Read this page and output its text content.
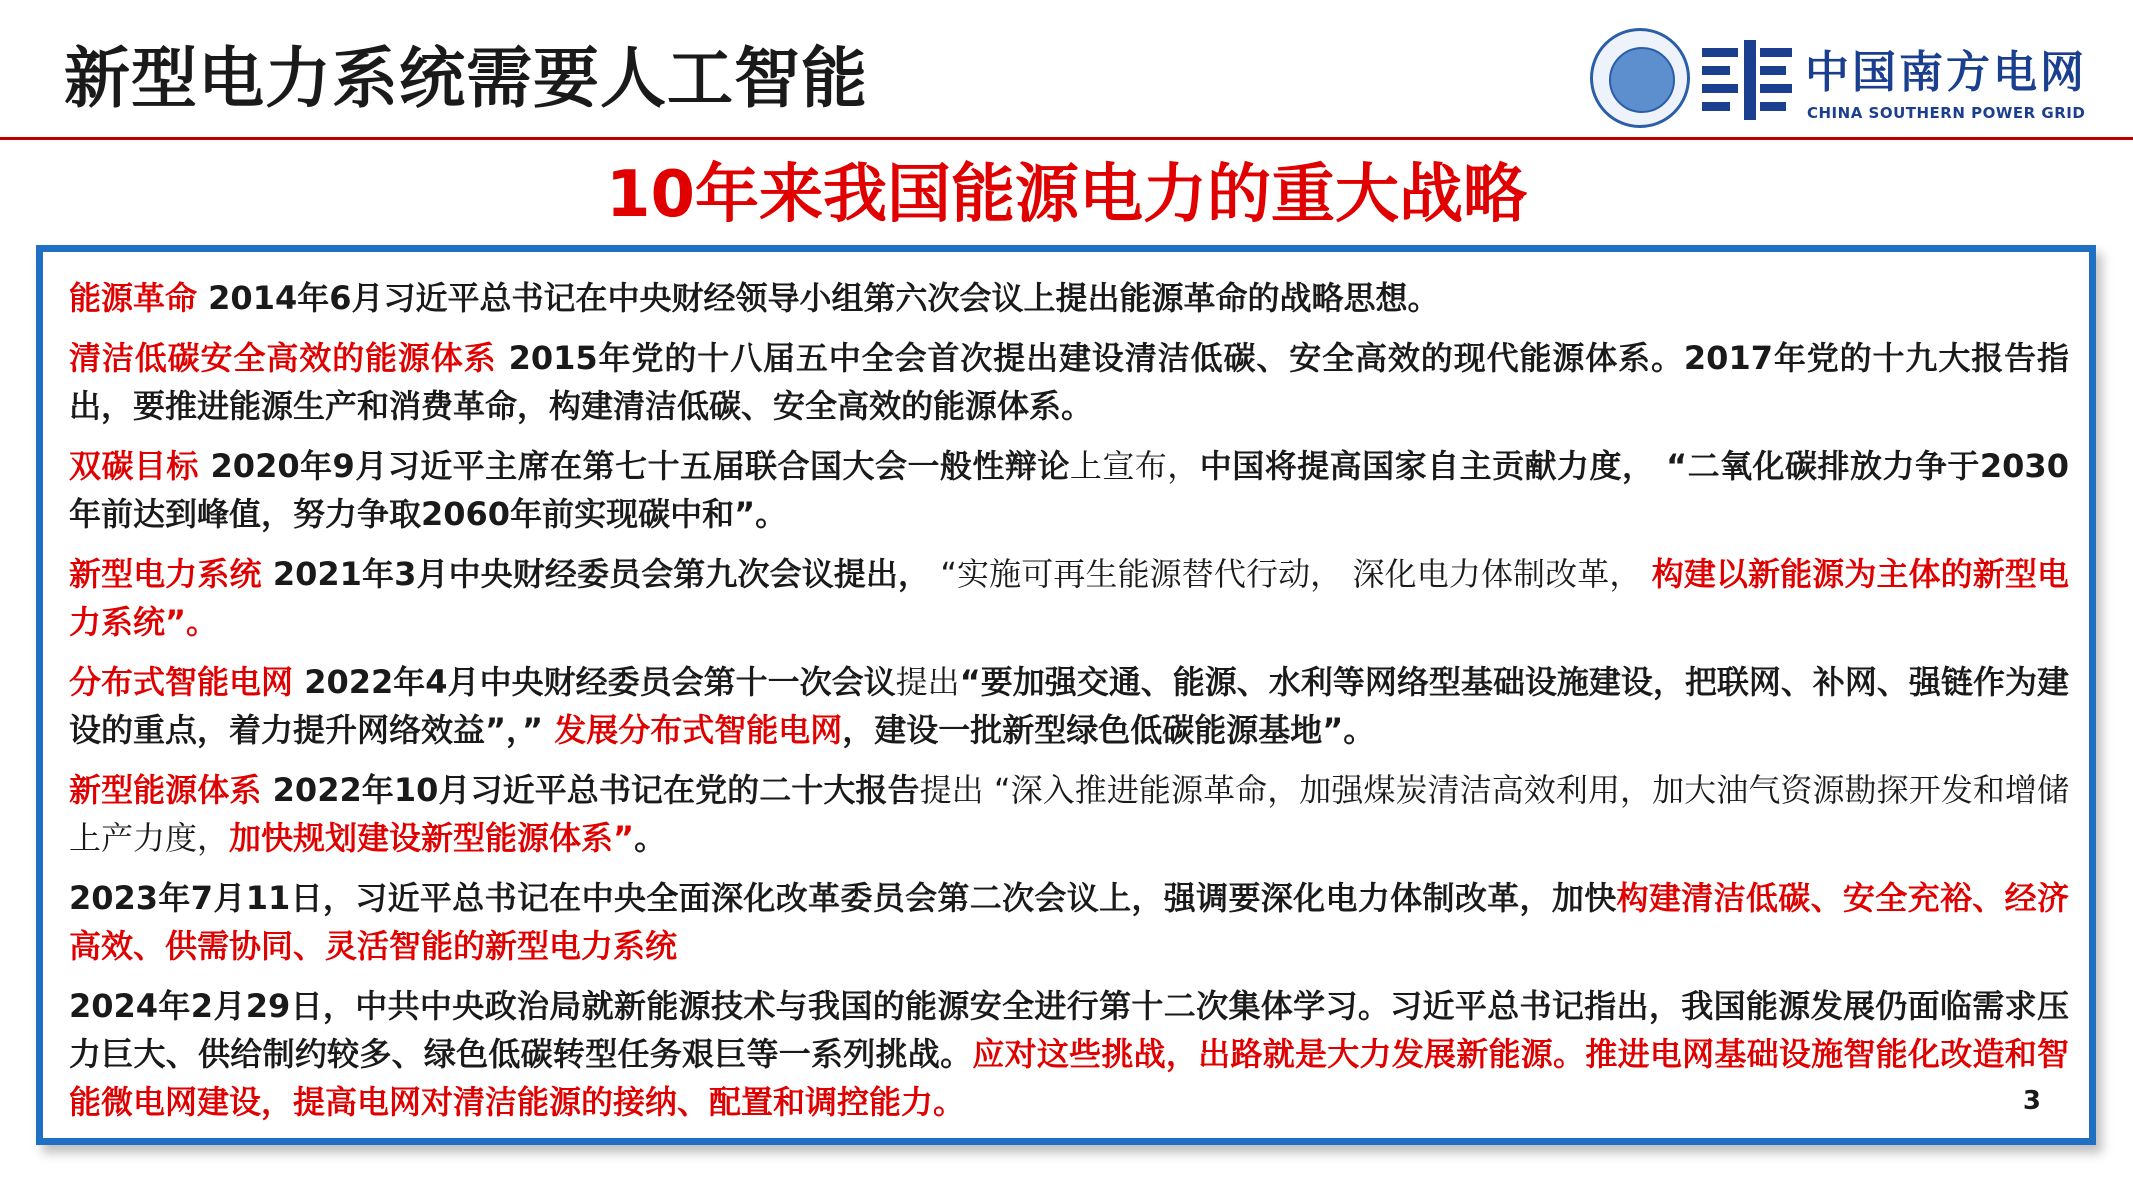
新型电力系统需要人工智能	中国南方电网
CHINA SOUTHERN POWER GRID
10年来我国能源电力的重大战略
能源革命 2014年6月习近平总书记在中央财经领导小组第六次会议上提出能源革命的战略思想。
清洁低碳安全高效的能源体系 2015年党的十八届五中全会首次提出建设清洁低碳、安全高效的现代能源体系。2017年党的十九大报告指出，要推进能源生产和消费革命，构建清洁低碳、安全高效的能源体系。
双碳目标 2020年9月习近平主席在第七十五届联合国大会一般性辩论上宣布，中国将提高国家自主贡献力度， “二氧化碳排放力争于2030年前达到峰值，努力争取2060年前实现碳中和”。
新型电力系统 2021年3月中央财经委员会第九次会议提出， “实施可再生能源替代行动， 深化电力体制改革， 构建以新能源为主体的新型电力系统”。
分布式智能电网 2022年4月中央财经委员会第十一次会议提出“要加强交通、能源、水利等网络型基础设施建设，把联网、补网、强链作为建设的重点，着力提升网络效益”，” 发展分布式智能电网，建设一批新型绿色低碳能源基地”。
新型能源体系 2022年10月习近平总书记在党的二十大报告提出 “深入推进能源革命，加强煤炭清洁高效利用，加大油气资源勘探开发和增储上产力度，加快规划建设新型能源体系”。
2023年7月11日，习近平总书记在中央全面深化改革委员会第二次会议上，强调要深化电力体制改革，加快构建清洁低碳、安全充裕、经济高效、供需协同、灵活智能的新型电力系统
2024年2月29日，中共中央政治局就新能源技术与我国的能源安全进行第十二次集体学习。习近平总书记指出，我国能源发展仍面临需求压力巨大、供给制约较多、绿色低碳转型任务艰巨等一系列挑战。应对这些挑战，出路就是大力发展新能源。推进电网基础设施智能化改造和智能微电网建设，提高电网对清洁能源的接纳、配置和调控能力。	3
